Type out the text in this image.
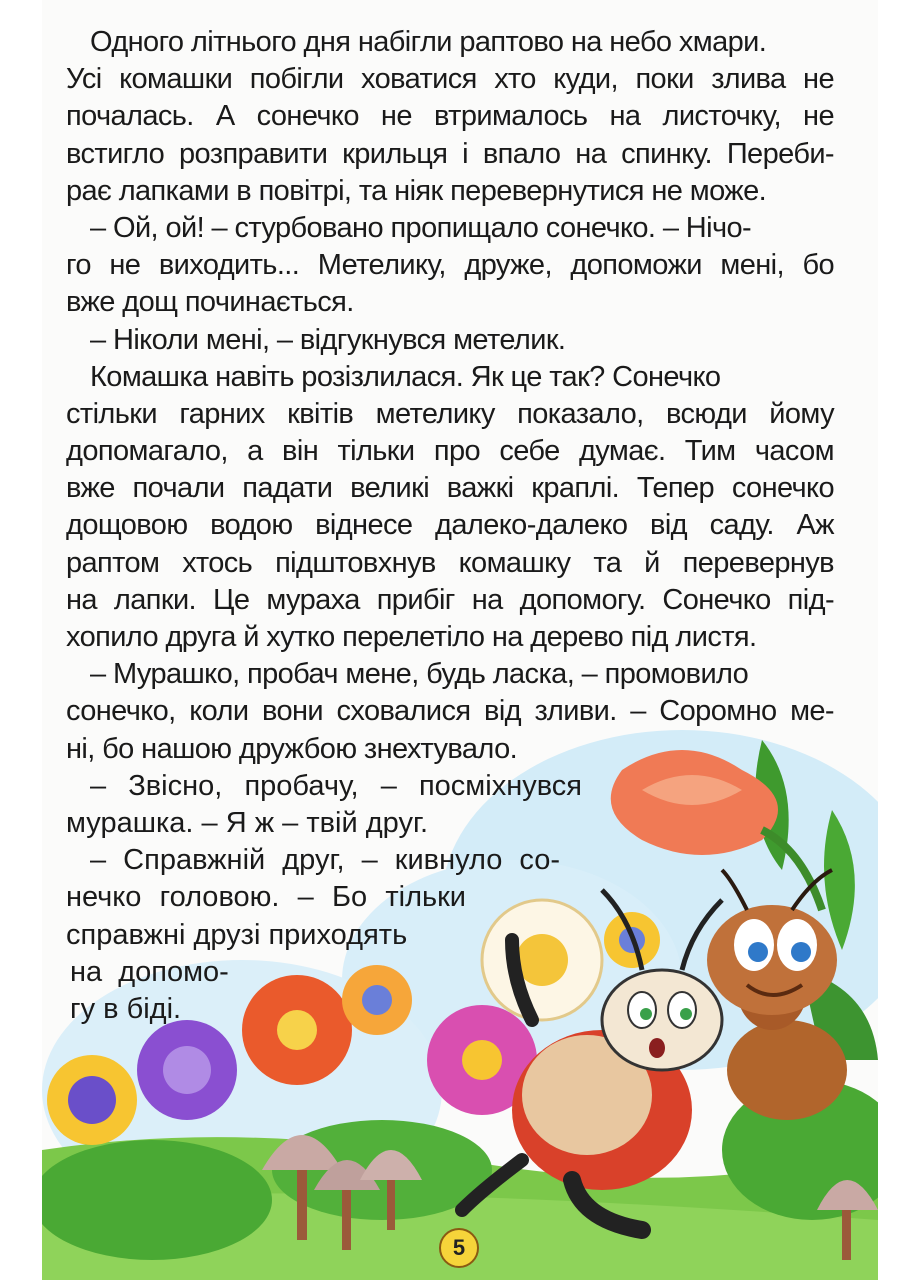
Одного літнього дня набігли раптово на небо хмари.
Усі комашки побігли ховатися хто куди, поки злива не
почалась. А сонечко не втрималось на листочку, не
встигло розправити крильця і впало на спинку. Переби-
рає лапками в повітрі, та ніяк перевернутися не може.
– Ой, ой! – стурбовано пропищало сонечко. – Нічо-
го не виходить... Метелику, друже, допоможи мені, бо
вже дощ починається.
– Ніколи мені, – відгукнувся метелик.
Комашка навіть розізлилася. Як це так? Сонечко
стільки гарних квітів метелику показало, всюди йому
допомагало, а він тільки про себе думає. Тим часом
вже почали падати великі важкі краплі. Тепер сонечко
дощовою водою віднесе далеко-далеко від саду. Аж
раптом хтось підштовхнув комашку та й перевернув
на лапки. Це мураха прибіг на допомогу. Сонечко під-
хопило друга й хутко перелетіло на дерево під листя.
– Мурашко, пробач мене, будь ласка, – промовило
сонечко, коли вони сховалися від зливи. – Соромно ме-
ні, бо нашою дружбою знехтувало.
– Звісно, пробачу, – посміхнувся
мурашка. – Я ж – твій друг.
– Справжній друг, – кивнуло со-
нечко головою. – Бо тільки
справжні друзі приходять
на допомо-
гу в біді.
5
